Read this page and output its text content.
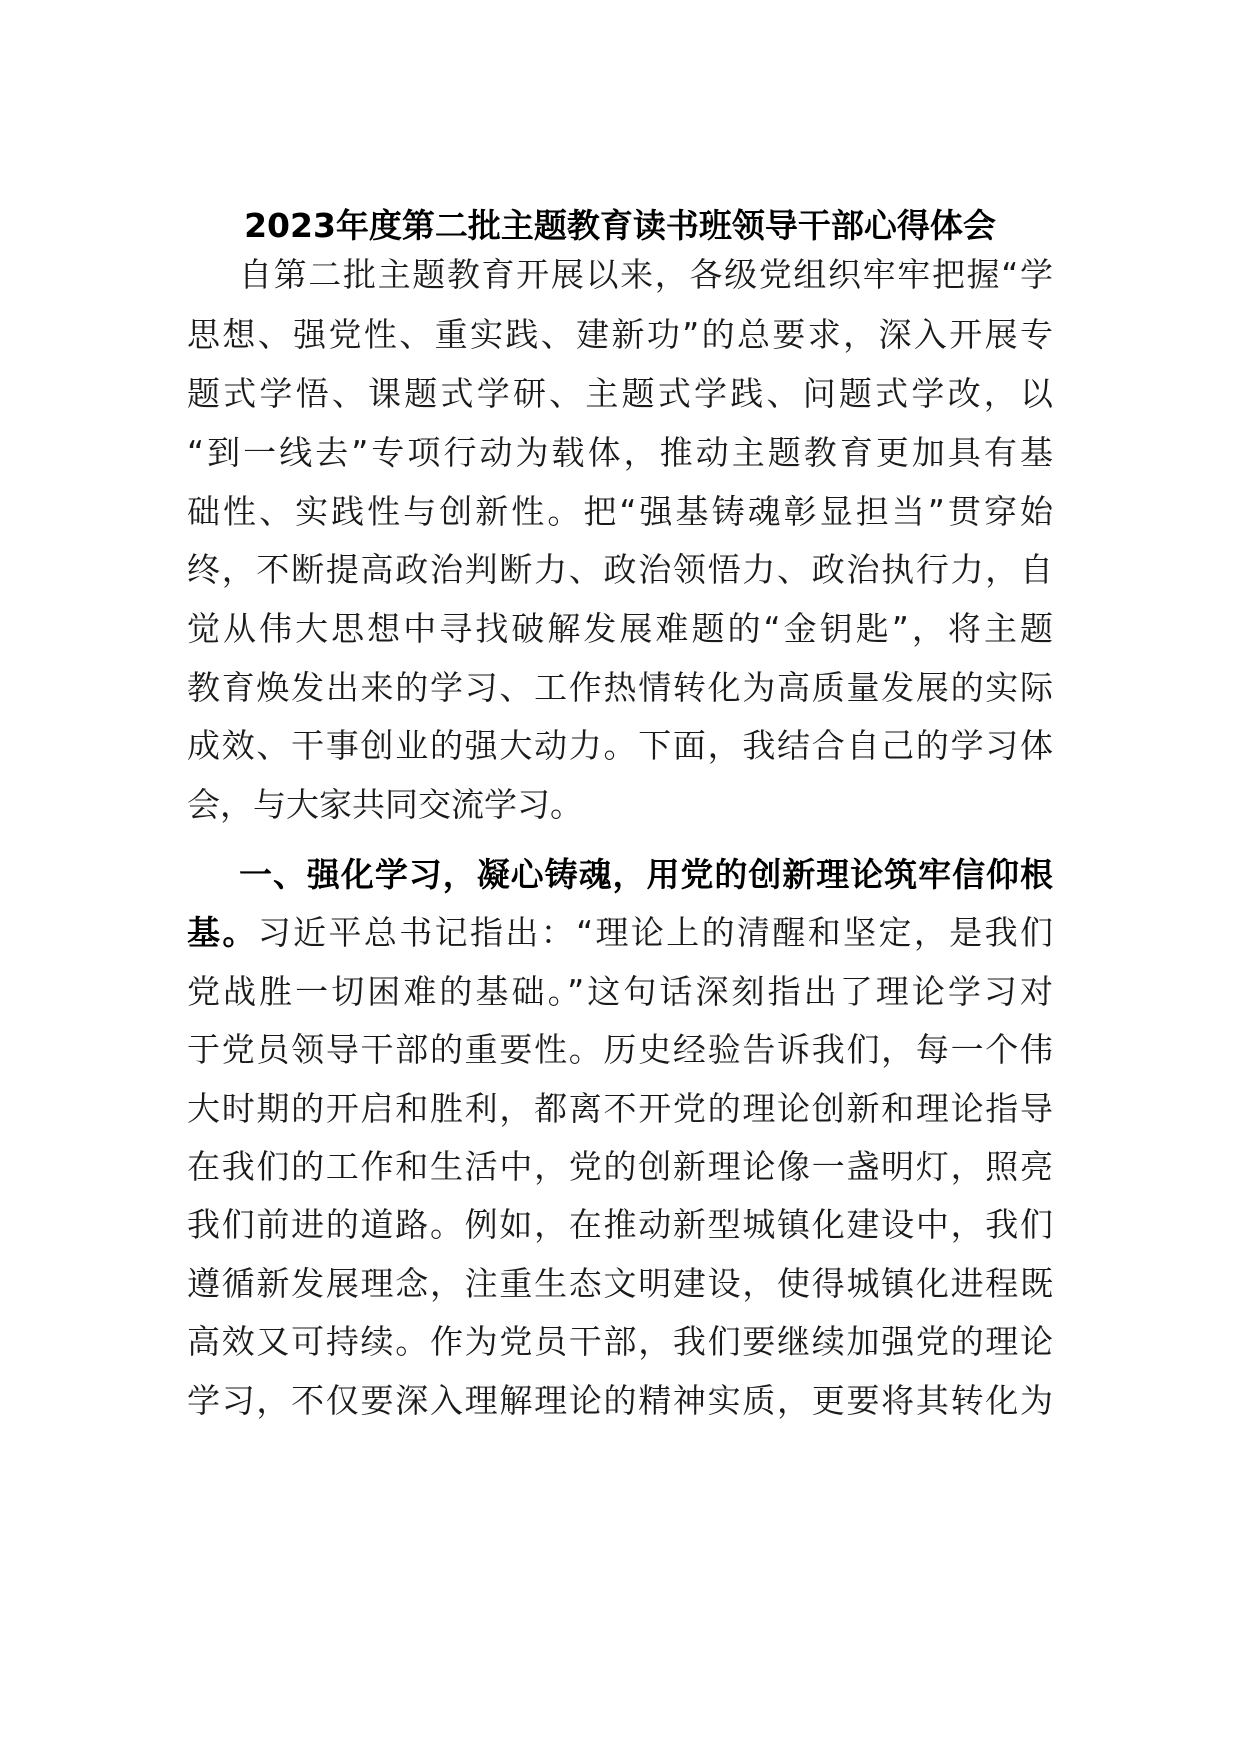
2023年度第二批主题教育读书班领导干部心得体会
自第二批主题教育开展以来，各级党组织牢牢把握“学
思想、强党性、重实践、建新功”的总要求，深入开展专
题式学悟、课题式学研、主题式学践、问题式学改，以
“到一线去”专项行动为载体，推动主题教育更加具有基
础性、实践性与创新性。把“强基铸魂彰显担当”贯穿始
终，不断提高政治判断力、政治领悟力、政治执行力，自
觉从伟大思想中寻找破解发展难题的“金钥匙”，将主题
教育焕发出来的学习、工作热情转化为高质量发展的实际
成效、干事创业的强大动力。下面，我结合自己的学习体
会，与大家共同交流学习。
一、强化学习，凝心铸魂，用党的创新理论筑牢信仰根
基。习近平总书记指出：“理论上的清醒和坚定，是我们
党战胜一切困难的基础。”这句话深刻指出了理论学习对
于党员领导干部的重要性。历史经验告诉我们，每一个伟
大时期的开启和胜利，都离不开党的理论创新和理论指导
在我们的工作和生活中，党的创新理论像一盏明灯，照亮
我们前进的道路。例如，在推动新型城镇化建设中，我们
遵循新发展理念，注重生态文明建设，使得城镇化进程既
高效又可持续。作为党员干部，我们要继续加强党的理论
学习，不仅要深入理解理论的精神实质，更要将其转化为
